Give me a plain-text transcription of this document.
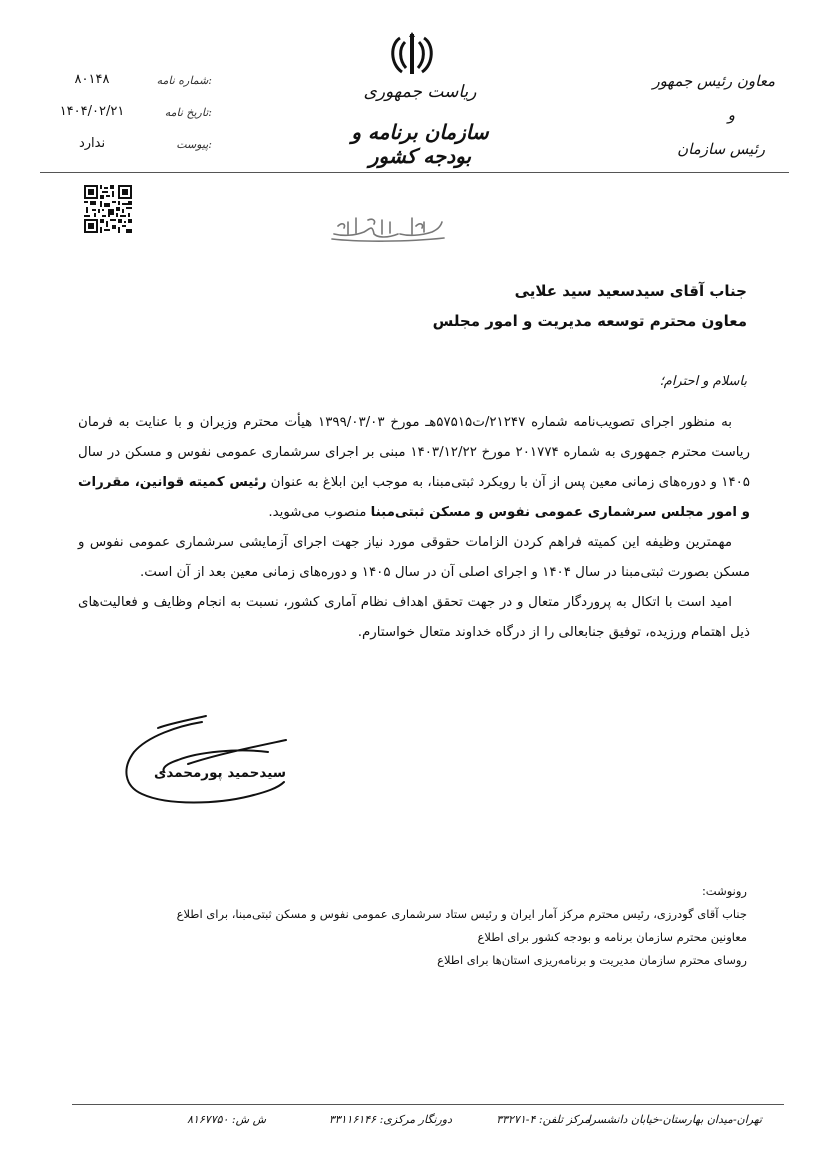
ریاست جمهوری
سازمان برنامه و بودجه کشور
معاون رئیس جمهور
و
رئیس سازمان
۸۰۱۴۸	شماره نامه:
۱۴۰۴/۰۲/۲۱	تاریخ نامه:
ندارد	پیوست:
جناب آقای سیدسعید سید علایی
معاون محترم توسعه مدیریت و امور مجلس
باسلام و احترام؛

به منظور اجرای تصویب‌نامه شماره ۲۱۲۴۷/ت۵۷۵۱۵هـ مورخ ۱۳۹۹/۰۳/۰۳ هیأت محترم وزیران و با عنایت به فرمان ریاست محترم جمهوری به شماره ۲۰۱۷۷۴ مورخ ۱۴۰۳/۱۲/۲۲ مبنی بر اجرای سرشماری عمومی نفوس و مسکن در سال ۱۴۰۵ و دوره‌های زمانی معین پس از آن با رویکرد ثبتی‌مبنا، به موجب این ابلاغ به عنوان رئیس کمیته قوانین، مقررات و امور مجلس سرشماری عمومی نفوس و مسکن ثبتی‌مبنا منصوب می‌شوید.

مهمترین وظیفه این کمیته فراهم کردن الزامات حقوقی مورد نیاز جهت اجرای آزمایشی سرشماری عمومی نفوس و مسکن بصورت ثبتی‌مبنا در سال ۱۴۰۴ و اجرای اصلی آن در سال ۱۴۰۵ و دوره‌های زمانی معین بعد از آن است.

امید است با اتکال به پروردگار متعال و در جهت تحقق اهداف نظام آماری کشور، نسبت به انجام وظایف و فعالیت‌های ذیل اهتمام ورزیده، توفیق جنابعالی را از درگاه خداوند متعال خواستارم.

سیدحمید پورمحمدی
رونوشت:
جناب آقای گودرزی، رئیس محترم مرکز آمار ایران و رئیس ستاد سرشماری عمومی نفوس و مسکن ثبتی‌مبنا، برای اطلاع
معاونین محترم سازمان برنامه و بودجه کشور برای اطلاع
روسای محترم سازمان مدیریت و برنامه‌ریزی استان‌ها برای اطلاع
تهران-میدان بهارستان-خیابان دانشسرا
مرکز تلفن: ۴-۳۳۲۷۱
دورنگار مرکزی: ۳۳۱۱۶۱۴۶
ش ش: ۸۱۶۷۷۵۰
